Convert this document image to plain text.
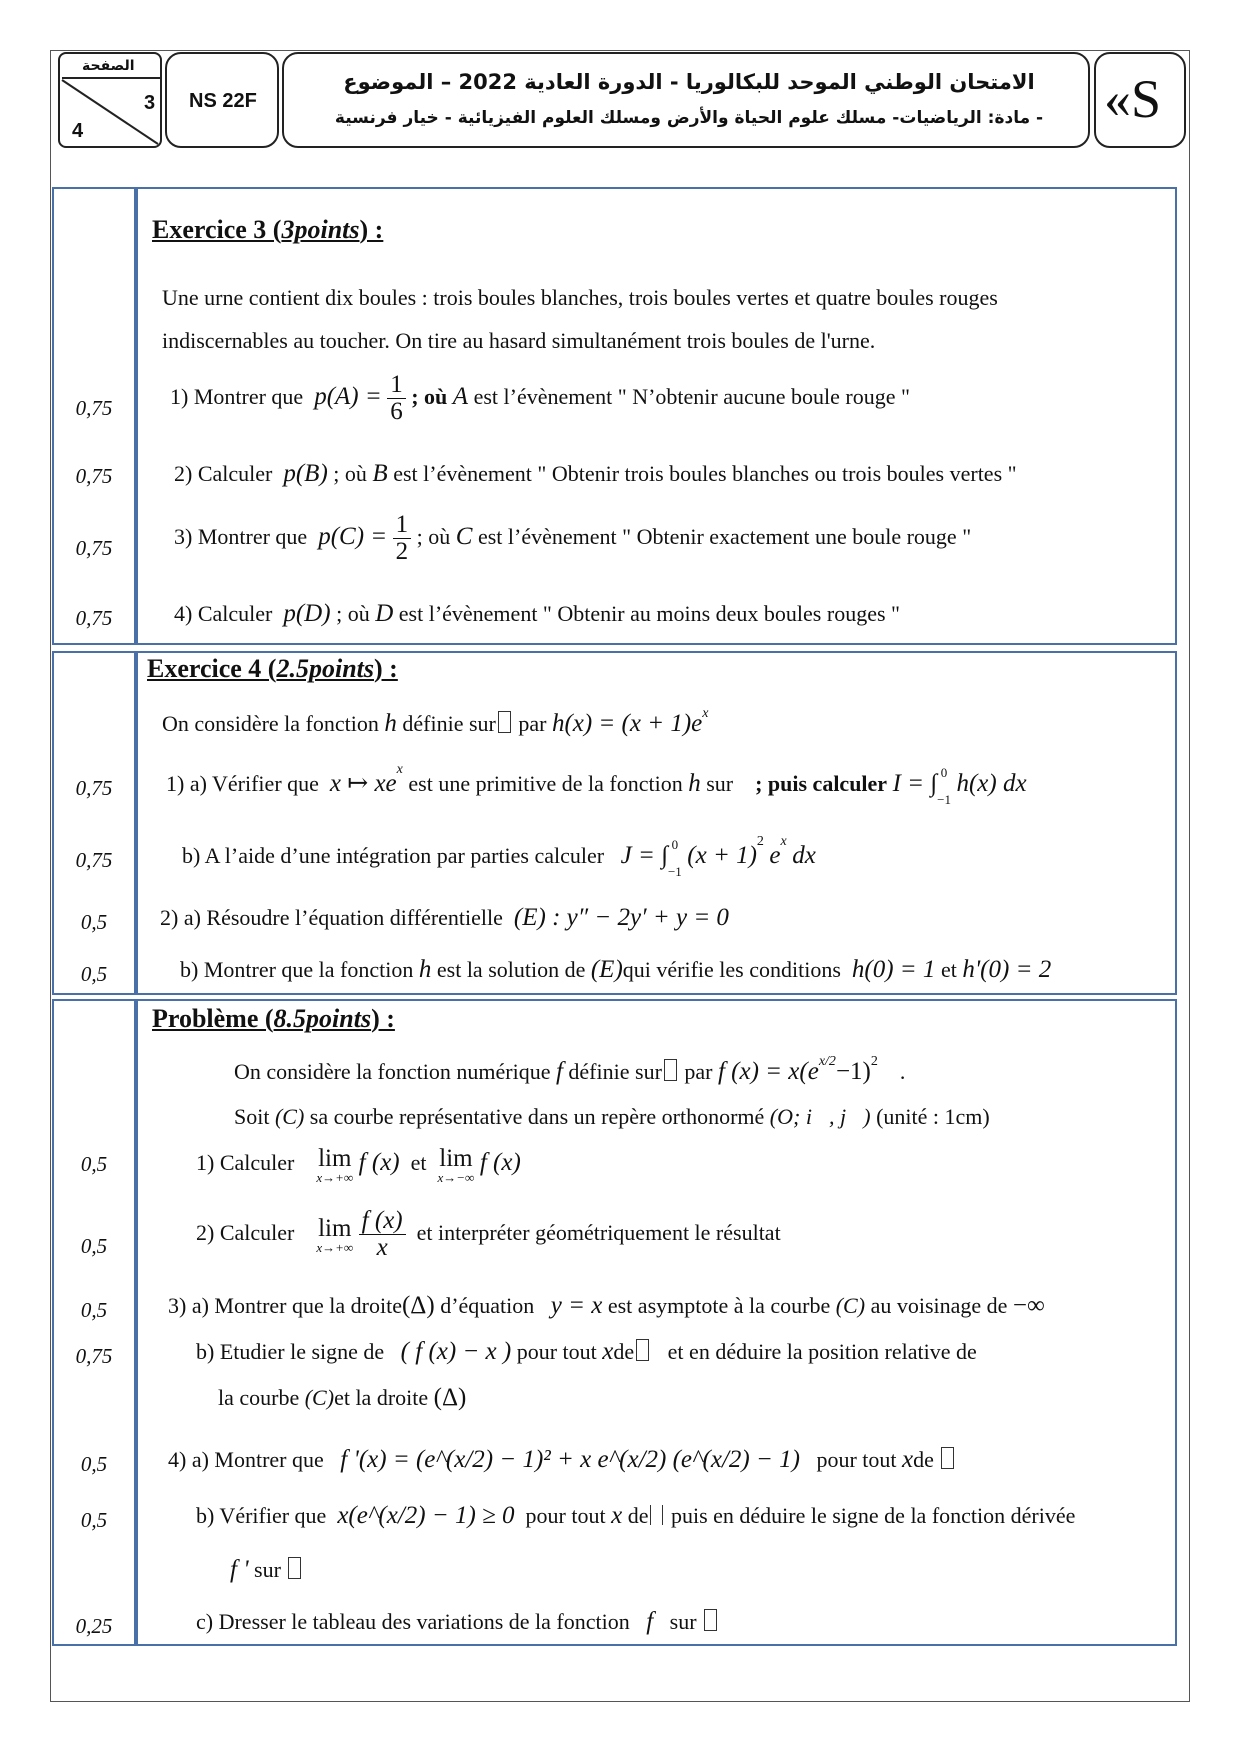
الصفحة
3
4
NS 22F
الامتحان الوطني الموحد للبكالوريا - الدورة العادية 2022 – الموضوع
- مادة: الرياضيات- مسلك علوم الحياة والأرض ومسلك العلوم الفيزيائية - خيار فرنسية	«S
Exercice 3 (3points) :
Une urne contient dix boules : trois boules blanches, trois boules vertes et quatre boules rouges
indiscernables au toucher. On tire au hasard simultanément trois boules de l'urne.
0,75	1) Montrer que $p(A) = \frac{1}{6}$ ; où A est l’évènement " N’obtenir aucune boule rouge "
0,75	2) Calculer p(B) ; où B est l’évènement " Obtenir trois boules blanches ou trois boules vertes "
0,75	3) Montrer que $p(C) = \frac{1}{2}$ ; où C est l’évènement " Obtenir exactement une boule rouge "
0,75	4) Calculer p(D) ; où D est l’évènement " Obtenir au moins deux boules rouges "
Exercice 4 (2.5points) :
On considère la fonction h définie sur par $h(x) = (x + 1)e^x$
0,75	1) a) Vérifier que x ↦ $xe^x$ est une primitive de la fonction h sur ; puis calculer I = ∫ 0
−1
h(x) dx
0,75	b) A l’aide d’une intégration par parties calculer J = ∫ 0
−1
$(x + 1)^2$ $e^x$ dx
0,5	2) a) Résoudre l’équation différentielle (E) : y″ − 2y′ + y = 0
0,5	b) Montrer que la fonction h est la solution de (E)qui vérifie les conditions h(0) = 1 et h'(0) = 2
Problème (8.5points) :
On considère la fonction numérique f définie sur par f $(x) = x(e^{x/2}-1)^2$ .
Soit (C) sa courbe représentative dans un repère orthonormé (O; i⃗, j⃗) (unité : 1cm)
0,5	1) Calculer lim
x→+∞
f (x) et lim
x→−∞
f (x)
0,5
2) Calculer lim
x→+∞
$\frac{f (x)}{x}$ et interpréter géométriquement le résultat
0,5	3) a) Montrer que la droite(Δ) d’équation y = x est asymptote à la courbe (C) au voisinage de −∞
0,75	b) Etudier le signe de ( f (x) − x ) pour tout xde et en déduire la position relative de
la courbe (C)et la droite (Δ)
0,5	4) a) Montrer que f '(x) = (e^(x/2) − 1)² + x e^(x/2) (e^(x/2) − 1) pour tout xde
0,5	b) Vérifier que x(e^(x/2) − 1) ≥ 0 pour tout x de puis en déduire le signe de la fonction dérivée
f ' sur
0,25	c) Dresser le tableau des variations de la fonction f sur
